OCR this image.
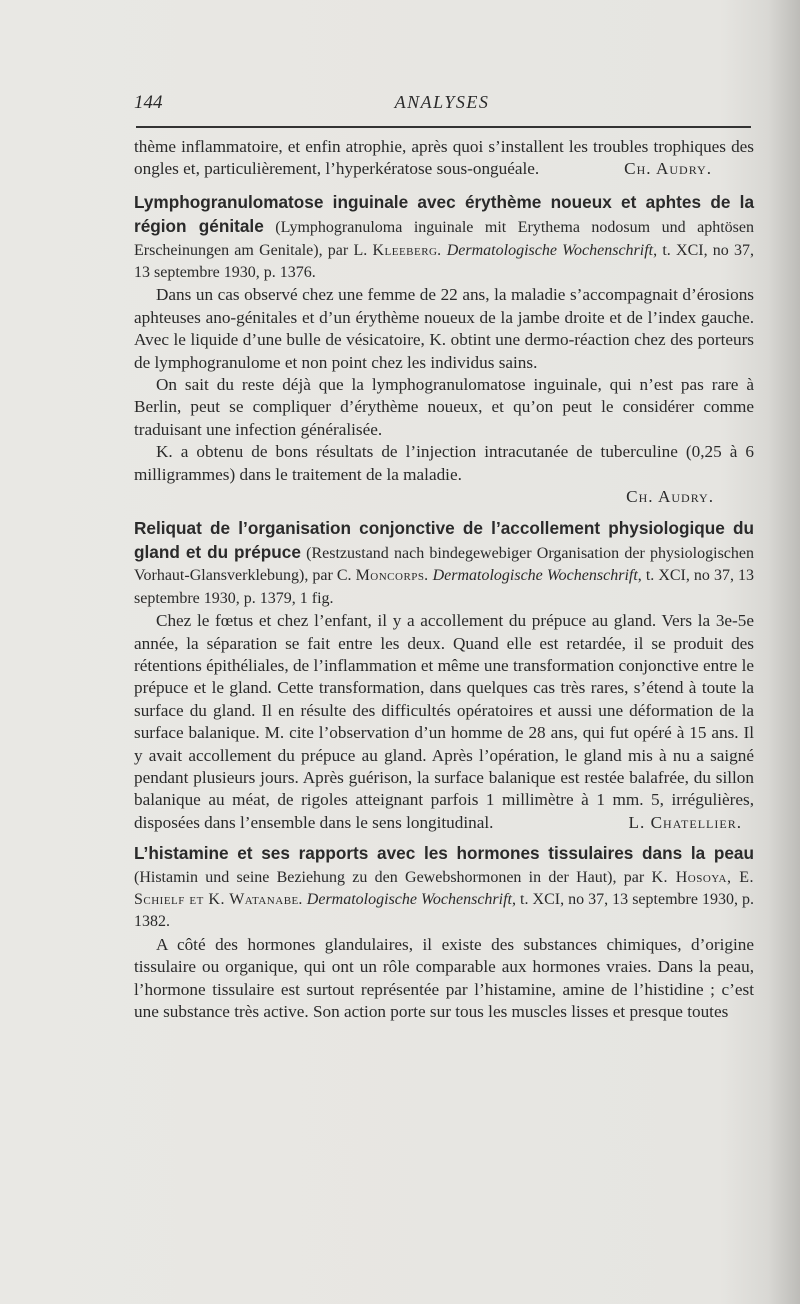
144	ANALYSES

thème inflammatoire, et enfin atrophie, après quoi s’installent les troubles trophiques des ongles et, particulièrement, l’hyperkératose sous-onguéale.	Ch. Audry.

Lymphogranulomatose inguinale avec érythème noueux et aphtes de la région génitale (Lymphogranuloma inguinale mit Erythema nodosum und aphtösen Erscheinungen am Genitale), par L. Kleeberg. Dermatologische Wochenschrift, t. XCI, no 37, 13 septembre 1930, p. 1376.

Dans un cas observé chez une femme de 22 ans, la maladie s’accompagnait d’érosions aphteuses ano-génitales et d’un érythème noueux de la jambe droite et de l’index gauche. Avec le liquide d’une bulle de vésicatoire, K. obtint une dermo-réaction chez des porteurs de lymphogranulome et non point chez les individus sains.

On sait du reste déjà que la lymphogranulomatose inguinale, qui n’est pas rare à Berlin, peut se compliquer d’érythème noueux, et qu’on peut le considérer comme traduisant une infection généralisée.

K. a obtenu de bons résultats de l’injection intracutanée de tuberculine (0,25 à 6 milligrammes) dans le traitement de la maladie.

Ch. Audry.

Reliquat de l’organisation conjonctive de l’accollement physiologique du gland et du prépuce (Restzustand nach bindegewebiger Organisation der physiologischen Vorhaut-Glansverklebung), par C. Moncorps. Dermatologische Wochenschrift, t. XCI, no 37, 13 septembre 1930, p. 1379, 1 fig.

Chez le fœtus et chez l’enfant, il y a accollement du prépuce au gland. Vers la 3e-5e année, la séparation se fait entre les deux. Quand elle est retardée, il se produit des rétentions épithéliales, de l’inflammation et même une transformation conjonctive entre le prépuce et le gland. Cette transformation, dans quelques cas très rares, s’étend à toute la surface du gland. Il en résulte des difficultés opératoires et aussi une déformation de la surface balanique. M. cite l’observation d’un homme de 28 ans, qui fut opéré à 15 ans. Il y avait accollement du prépuce au gland. Après l’opération, le gland mis à nu a saigné pendant plusieurs jours. Après guérison, la surface balanique est restée balafrée, du sillon balanique au méat, de rigoles atteignant parfois 1 millimètre à 1 mm. 5, irrégulières, disposées dans l’ensemble dans le sens longitudinal.	L. Chatellier.

L’histamine et ses rapports avec les hormones tissulaires dans la peau (Histamin und seine Beziehung zu den Gewebshormonen in der Haut), par K. Hosoya, E. Schielf et K. Watanabe. Dermatologische Wochenschrift, t. XCI, no 37, 13 septembre 1930, p. 1382.

A côté des hormones glandulaires, il existe des substances chimiques, d’origine tissulaire ou organique, qui ont un rôle comparable aux hormones vraies. Dans la peau, l’hormone tissulaire est surtout représentée par l’histamine, amine de l’histidine ; c’est une substance très active. Son action porte sur tous les muscles lisses et presque toutes
